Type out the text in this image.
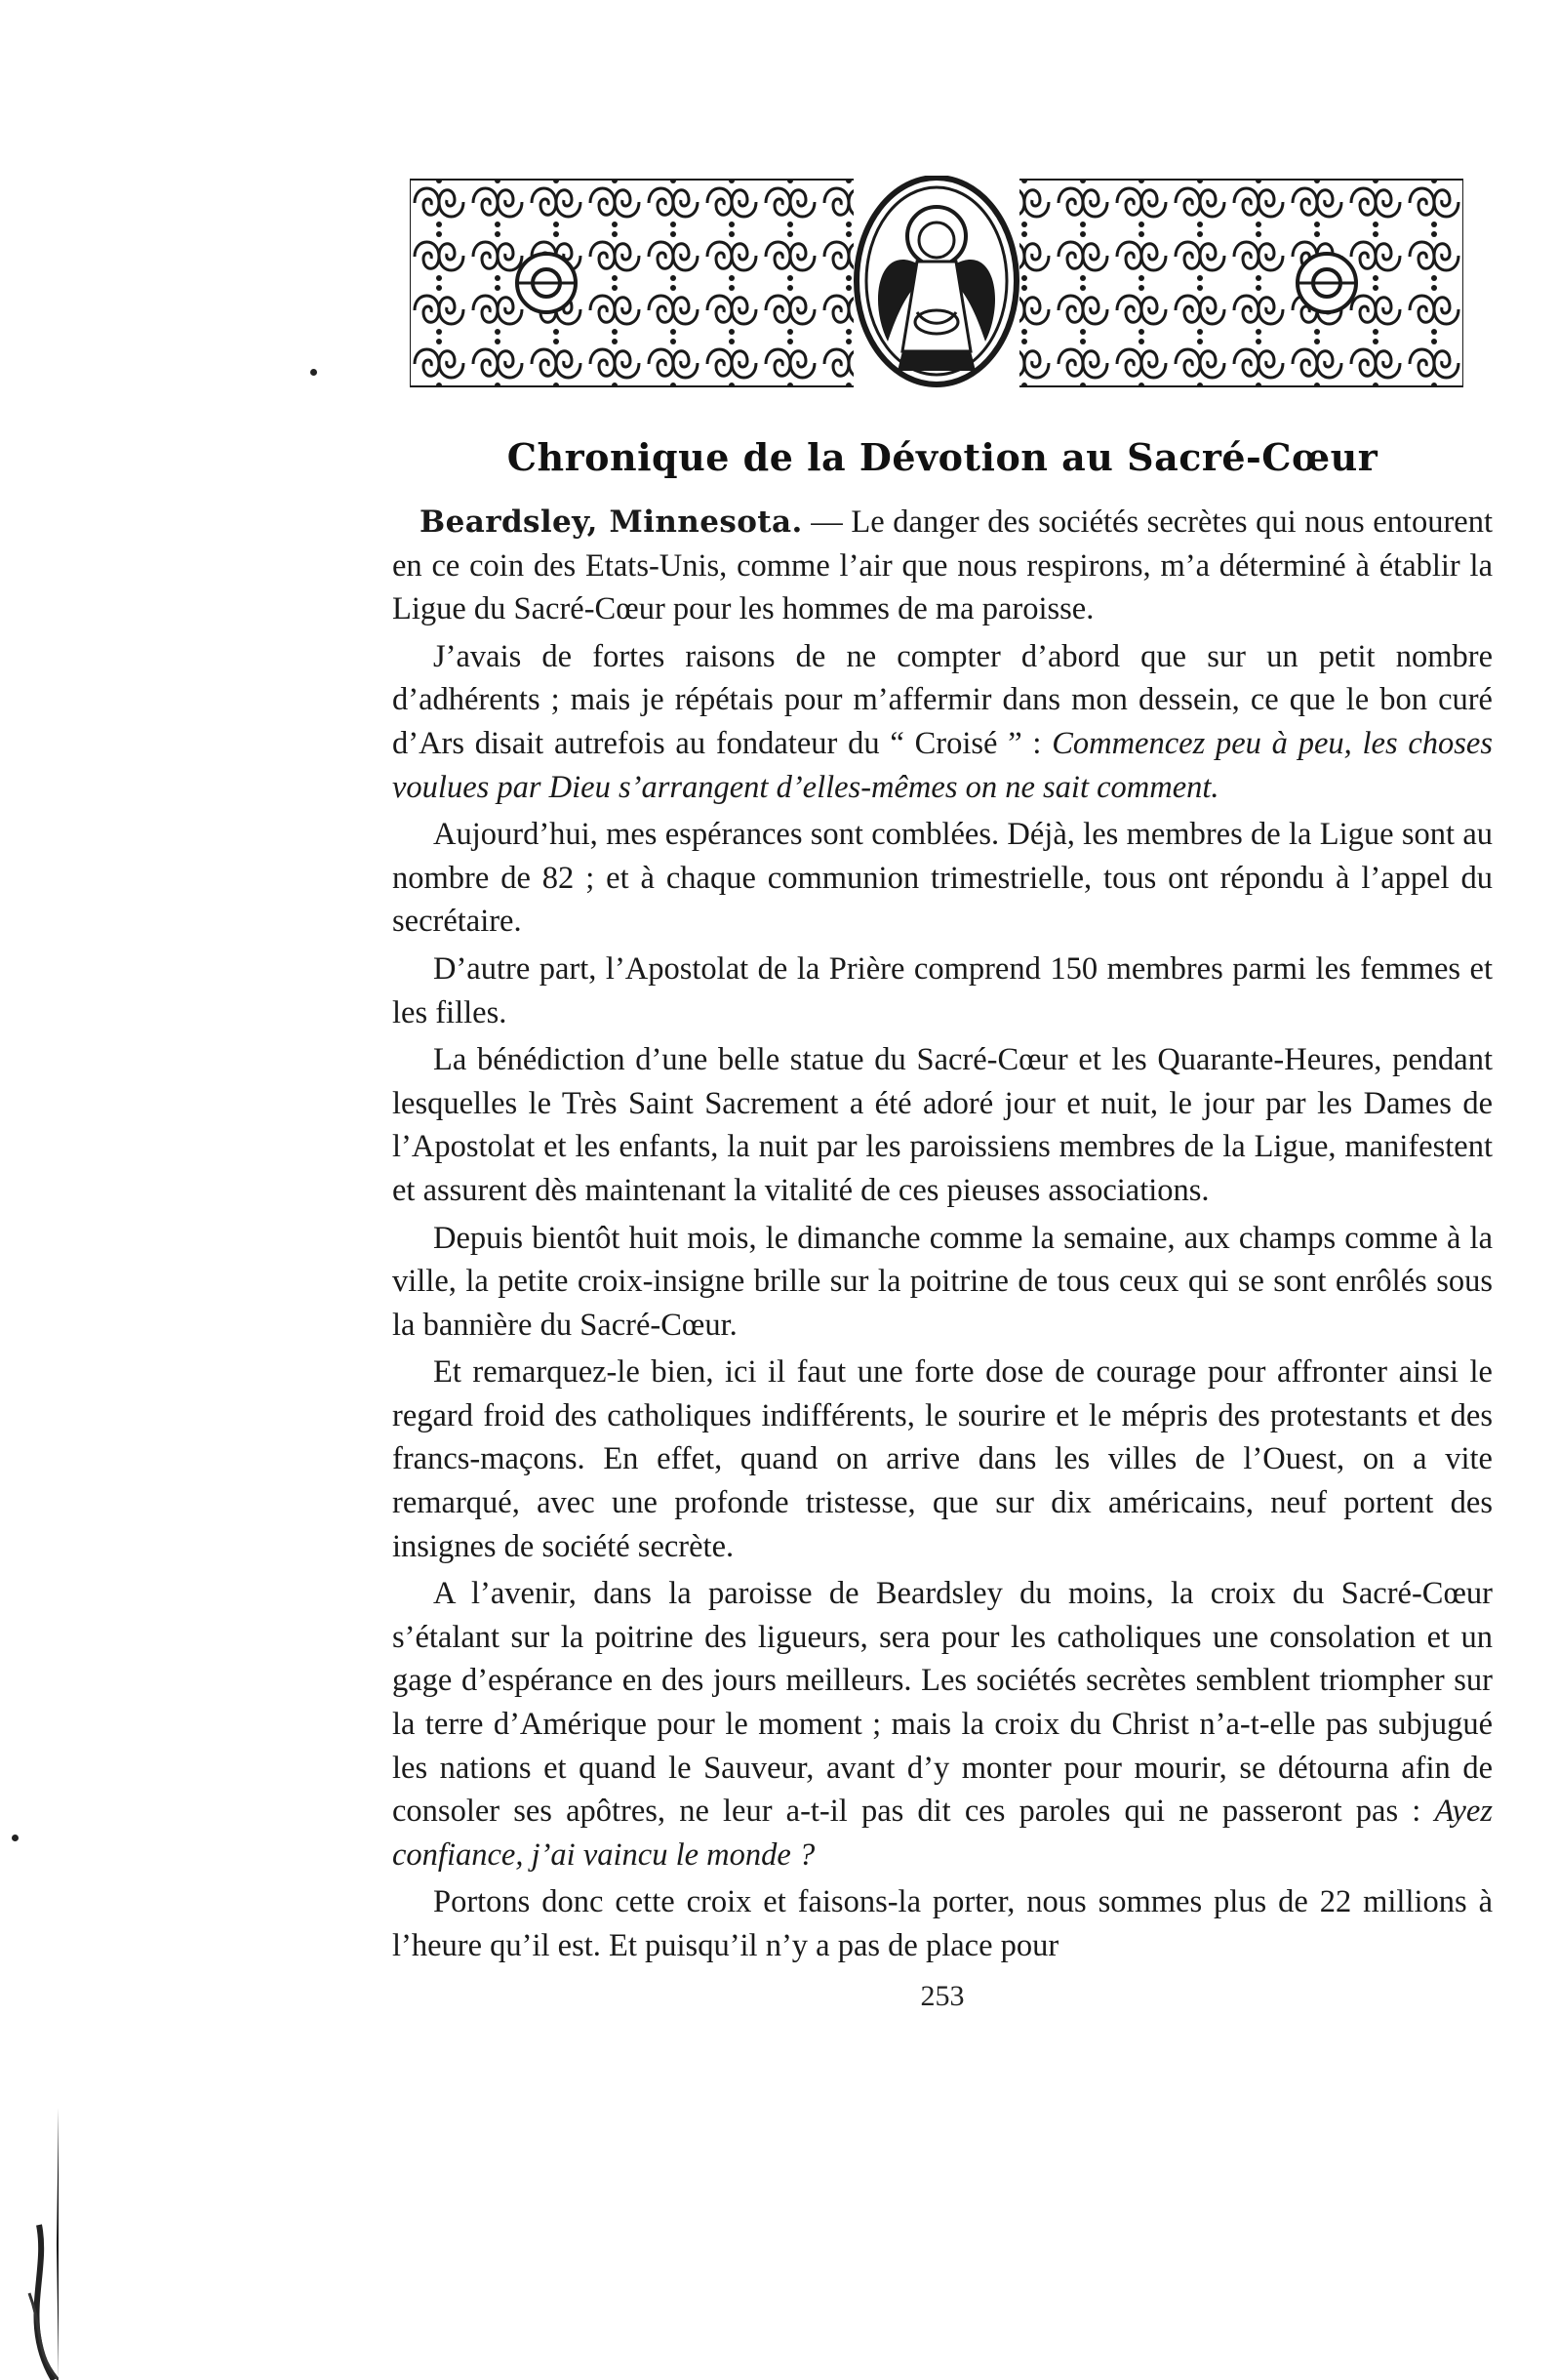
Chronique de la Dévotion au Sacré-Cœur

Beardsley, Minnesota. — Le danger des sociétés secrètes qui nous entourent en ce coin des Etats-Unis, comme l’air que nous respirons, m’a déterminé à établir la Ligue du Sacré-Cœur pour les hommes de ma paroisse.

J’avais de fortes raisons de ne compter d’abord que sur un petit nombre d’adhérents ; mais je répétais pour m’affermir dans mon dessein, ce que le bon curé d’Ars disait autrefois au fondateur du “ Croisé ” : Commencez peu à peu, les choses voulues par Dieu s’arrangent d’elles-mêmes on ne sait comment.

Aujourd’hui, mes espérances sont comblées. Déjà, les membres de la Ligue sont au nombre de 82 ; et à chaque communion trimestrielle, tous ont répondu à l’appel du secrétaire.

D’autre part, l’Apostolat de la Prière comprend 150 membres parmi les femmes et les filles.

La bénédiction d’une belle statue du Sacré-Cœur et les Quarante-Heures, pendant lesquelles le Très Saint Sacrement a été adoré jour et nuit, le jour par les Dames de l’Apostolat et les enfants, la nuit par les paroissiens membres de la Ligue, manifestent et assurent dès maintenant la vitalité de ces pieuses associations.

Depuis bientôt huit mois, le dimanche comme la semaine, aux champs comme à la ville, la petite croix-insigne brille sur la poitrine de tous ceux qui se sont enrôlés sous la bannière du Sacré-Cœur.

Et remarquez-le bien, ici il faut une forte dose de courage pour affronter ainsi le regard froid des catholiques indifférents, le sourire et le mépris des protestants et des francs-maçons. En effet, quand on arrive dans les villes de l’Ouest, on a vite remarqué, avec une profonde tristesse, que sur dix américains, neuf portent des insignes de société secrète.

A l’avenir, dans la paroisse de Beardsley du moins, la croix du Sacré-Cœur s’étalant sur la poitrine des ligueurs, sera pour les catholiques une consolation et un gage d’espérance en des jours meilleurs. Les sociétés secrètes semblent triompher sur la terre d’Amérique pour le moment ; mais la croix du Christ n’a-t-elle pas subjugué les nations et quand le Sauveur, avant d’y monter pour mourir, se détourna afin de consoler ses apôtres, ne leur a-t-il pas dit ces paroles qui ne passeront pas : Ayez confiance, j’ai vaincu le monde ?

Portons donc cette croix et faisons-la porter, nous sommes plus de 22 millions à l’heure qu’il est. Et puisqu’il n’y a pas de place pour

253
